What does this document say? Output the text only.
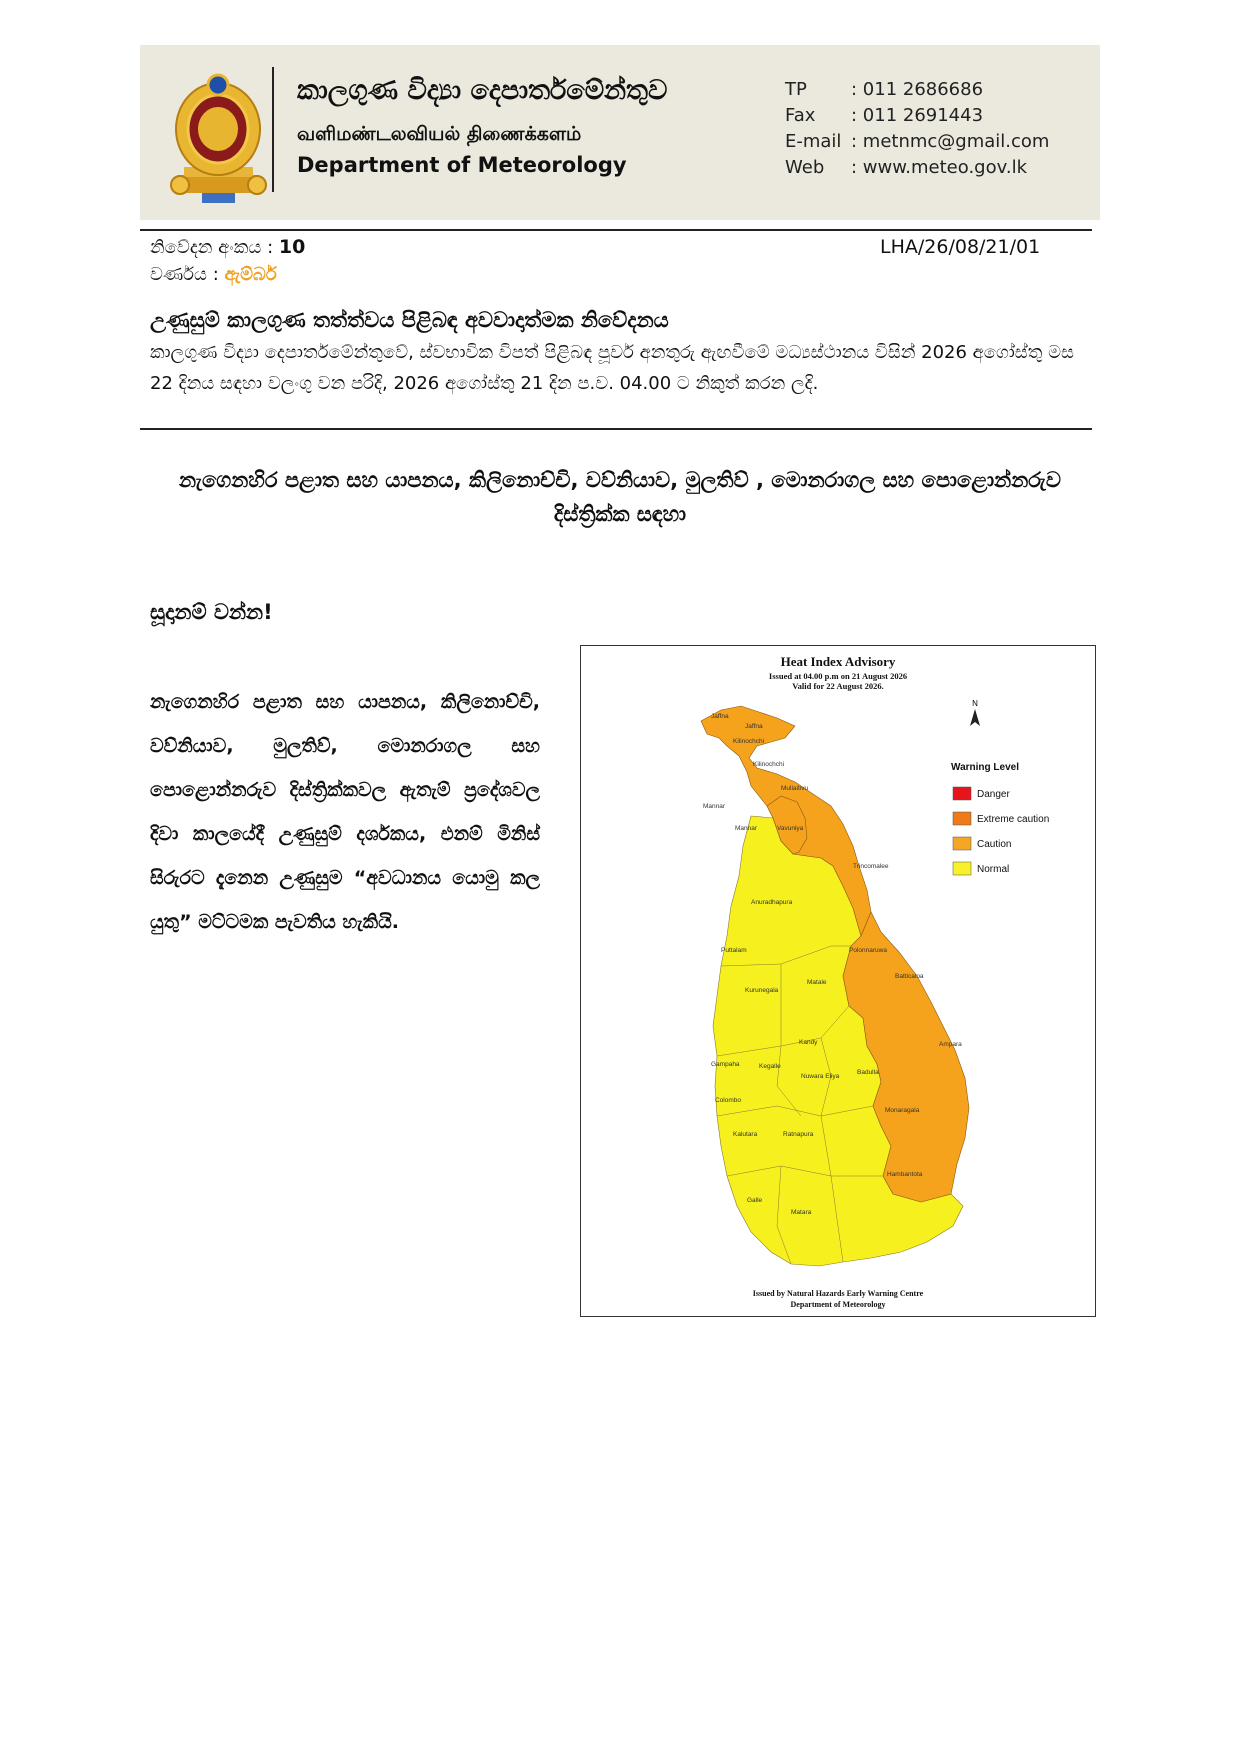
කාලගුණ විද්‍යා දෙපාර්තමේන්තුව
வளிமண்டலவியல் திணைக்களம்
Department of Meteorology
TP	: 011 2686686
Fax	: 011 2691443
E-mail : metnmc@gmail.com
Web	: www.meteo.gov.lk
නිවේදන අංකය : 10	LHA/26/08/21/01
වර්ණය : ඇම්බර්
උණුසුම් කාලගුණ තත්ත්වය පිළිබඳ අවවාදාත්මක නිවේදනය
කාලගුණ විද්‍යා දෙපාර්තමේන්තුවේ, ස්වභාවික විපත් පිළිබඳ පූර්ව අනතුරු ඇඟවීමේ මධ්‍යස්ථානය විසින් 2026 අගෝස්තු මස 22 දිනය සඳහා වලංගු වන පරිදි, 2026 අගෝස්තු 21 දින ප.ව. 04.00 ට නිකුත් කරන ලදි.
නැගෙනහිර පළාත සහ යාපනය, කිලිනොච්චි, වව්නියාව, මුලතිව් , මොනරාගල සහ පොළොන්නරුව දිස්ත්‍රික්ක සඳහා
සූදානම් වන්න!
නැගෙනහිර පළාත සහ යාපනය, කිලිනොච්චි, වව්නියාව, මුලතිව්, මොනරාගල සහ පොළොන්නරුව දිස්ත්‍රික්කවල ඇතැම් ප්‍රදේශවල දිවා කාලයේදී උණුසුම් දර්ශකය, එනම් මිනිස් සිරුරට දැනෙන උණුසුම “අවධානය යොමු කල යුතු” මට්ටමක පැවතිය හැකියි.
Heat Index Advisory
Issued at 04.00 p.m on 21 August 2026
Valid for 22 August 2026.
N
Warning Level
Danger
Extreme caution
Caution
Normal
Jaffna
Jaffna
Kilinochchi
Kilinochchi
Mullaitivu
Mannar
Mannar	Vavuniya
Trincomalee
Anuradhapura
Puttalam	Polonnaruwa
Batticaloa
Kurunegala
Matale
Kandy	Ampara
Gampaha	Kegalle
Nuwara Eliya
Badulla
Colombo
Monaragala
Kalutara	Ratnapura
Hambantota
Galle
Matara
Issued by Natural Hazards Early Warning Centre
Department of Meteorology
